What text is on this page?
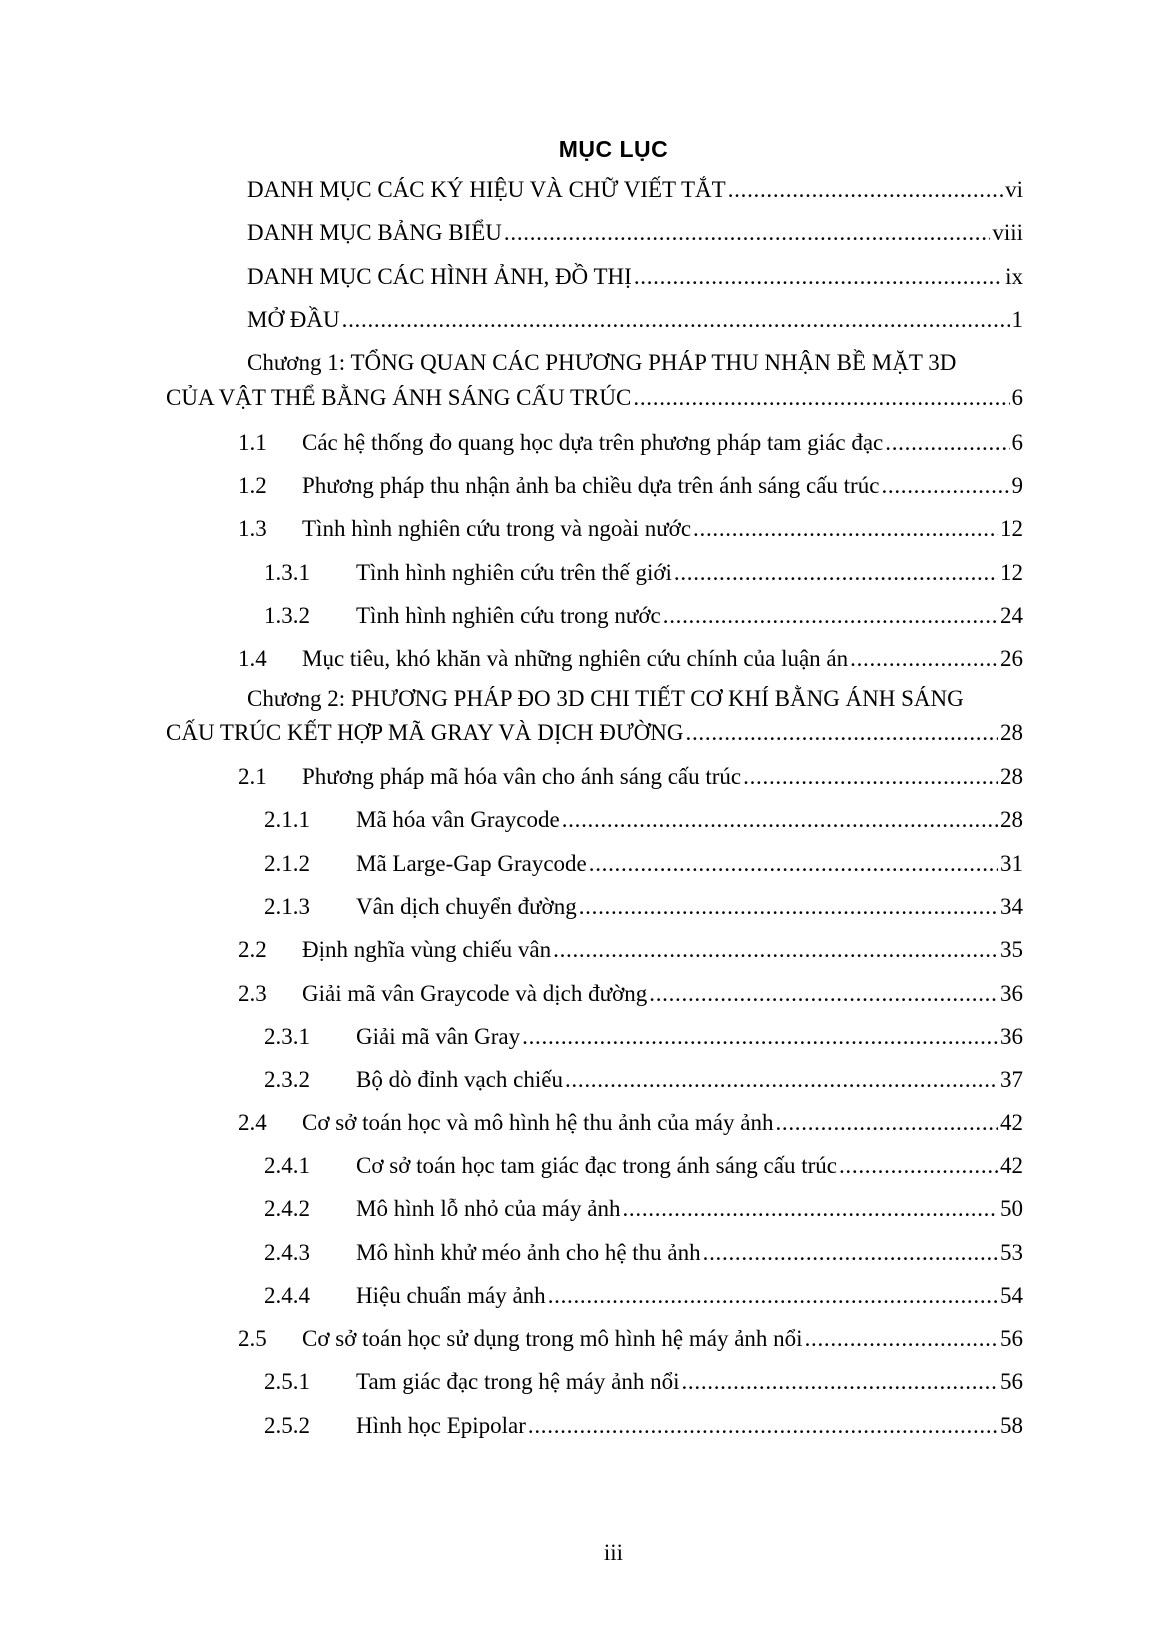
MỤC LỤC
DANH MỤC CÁC KÝ HIỆU VÀ CHỮ VIẾT TẮT .....	vi
DANH MỤC BẢNG BIỂU .....	viii
DANH MỤC CÁC HÌNH ẢNH, ĐỒ THỊ .....	ix
MỞ ĐẦU .....	1
Chương 1: TỔNG QUAN CÁC PHƯƠNG PHÁP THU NHẬN BỀ MẶT 3D
CỦA VẬT THỂ BẰNG ÁNH SÁNG CẤU TRÚC .....	6
1.1	Các hệ thống đo quang học dựa trên phương pháp tam giác đạc .....	6
1.2	Phương pháp thu nhận ảnh ba chiều dựa trên ánh sáng cấu trúc .....	9
1.3	Tình hình nghiên cứu trong và ngoài nước .....	12
1.3.1	Tình hình nghiên cứu trên thế giới .....	12
1.3.2	Tình hình nghiên cứu trong nước .....	24
1.4	Mục tiêu, khó khăn và những nghiên cứu chính của luận án .....	26
Chương 2: PHƯƠNG PHÁP ĐO 3D CHI TIẾT CƠ KHÍ BẰNG ÁNH SÁNG
CẤU TRÚC KẾT HỢP MÃ GRAY VÀ DỊCH ĐƯỜNG .....	28
2.1	Phương pháp mã hóa vân cho ánh sáng cấu trúc .....	28
2.1.1	Mã hóa vân Graycode .....	28
2.1.2	Mã Large-Gap Graycode .....	31
2.1.3	Vân dịch chuyển đường .....	34
2.2	Định nghĩa vùng chiếu vân .....	35
2.3	Giải mã vân Graycode và dịch đường .....	36
2.3.1	Giải mã vân Gray .....	36
2.3.2	Bộ dò đỉnh vạch chiếu .....	37
2.4	Cơ sở toán học và mô hình hệ thu ảnh của máy ảnh .....	42
2.4.1	Cơ sở toán học tam giác đạc trong ánh sáng cấu trúc .....	42
2.4.2	Mô hình lỗ nhỏ của máy ảnh .....	50
2.4.3	Mô hình khử méo ảnh cho hệ thu ảnh .....	53
2.4.4	Hiệu chuẩn máy ảnh .....	54
2.5	Cơ sở toán học sử dụng trong mô hình hệ máy ảnh nổi .....	56
2.5.1	Tam giác đạc trong hệ máy ảnh nổi .....	56
2.5.2	Hình học Epipolar .....	58
iii
